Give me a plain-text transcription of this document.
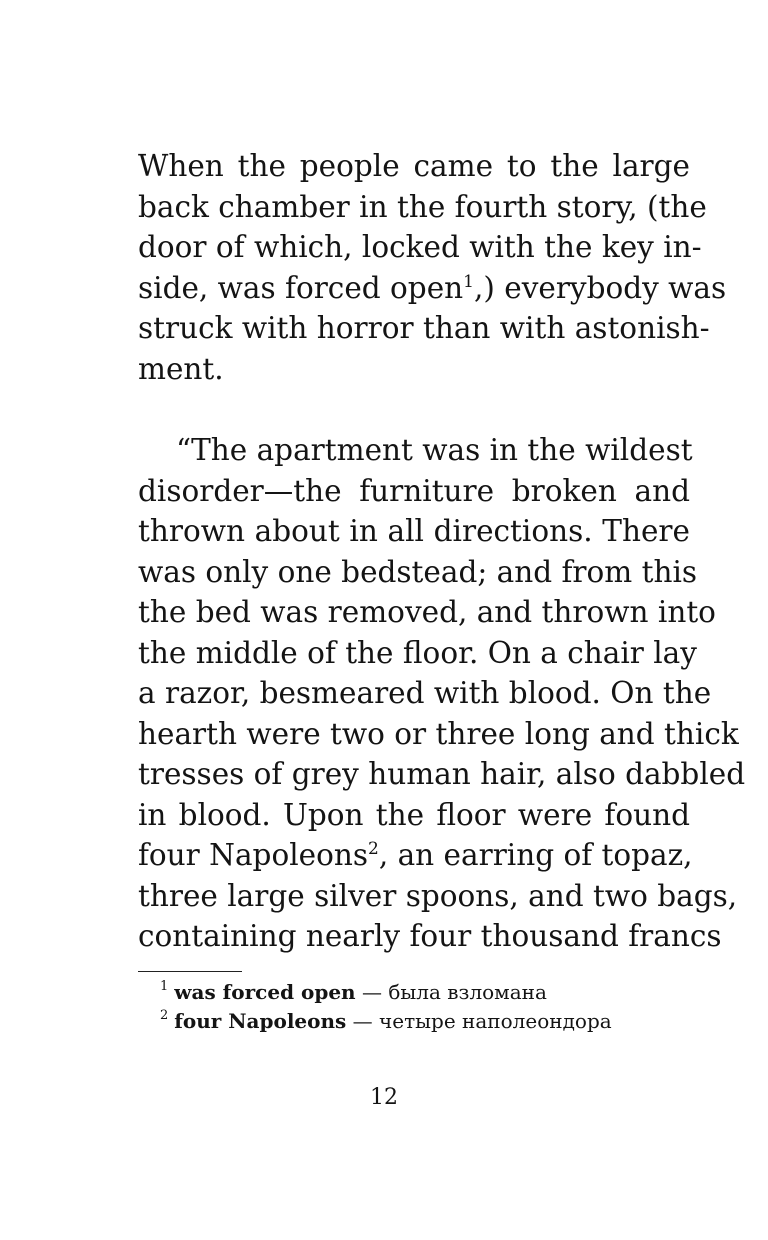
When the people came to the large
back chamber in the fourth story, (the
door of which, locked with the key in-
side, was forced open$^1$,) everybody was
struck with horror than with astonish-
ment.
“The apartment was in the wildest
disorder—the furniture broken and
thrown about in all directions. There
was only one bedstead; and from this
the bed was removed, and thrown into
the middle of the floor. On a chair lay
a razor, besmeared with blood. On the
hearth were two or three long and thick
tresses of grey human hair, also dabbled
in blood. Upon the floor were found
four Napoleons$^2$, an earring of topaz,
three large silver spoons, and two bags,
containing nearly four thousand francs
$^1$ was forced open — была взломана
$^2$ four Napoleons — четыре наполеондора
12
